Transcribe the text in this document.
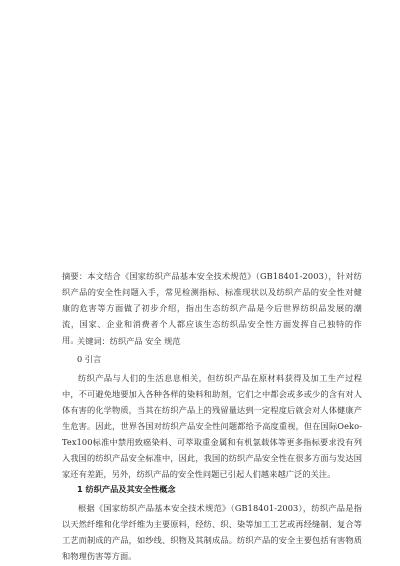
摘要：本文结合《国家纺织产品基本安全技术规范》（GB18401-2003），针对纺织产品的安全性问题入手，常见检测指标、标准现状以及纺织产品的安全性对健康的危害等方面做了初步介绍，指出生态纺织产品是今后世界纺织品发展的潮流，国家、企业和消费者个人都应该生态纺织品安全性方面发挥自己独特的作用。
关键词：纺织产品 安全 规范
0 引言
纺织产品与人们的生活息息相关，但纺织产品在原材料获得及加工生产过程中，不可避免地要加入各种各样的染料和助剂，它们之中都会或多或少的含有对人体有害的化学物质，当其在纺织产品上的残留量达到一定程度后就会对人体健康产生危害。因此，世界各国对纺织产品安全性问题都给予高度重视，但在国际Oeko-Tex100标准中禁用致癌染料、可萃取重金属和有机氯载体等更多指标要求没有列入我国的纺织产品安全标准中，因此，我国的纺织产品安全性在很多方面与发达国家还有差距，另外，纺织产品的安全性问题已引起人们越来越广泛的关注。
1 纺织产品及其安全性概念
根据《国家纺织产品基本安全技术规范》（GB18401-2003），纺织产品是指以天然纤维和化学纤维为主要原料，经纺、织、染等加工工艺或再经缝制、复合等工艺而制成的产品，如纱线、织物及其制成品。纺织产品的安全主要包括有害物质和物理伤害等方面。
